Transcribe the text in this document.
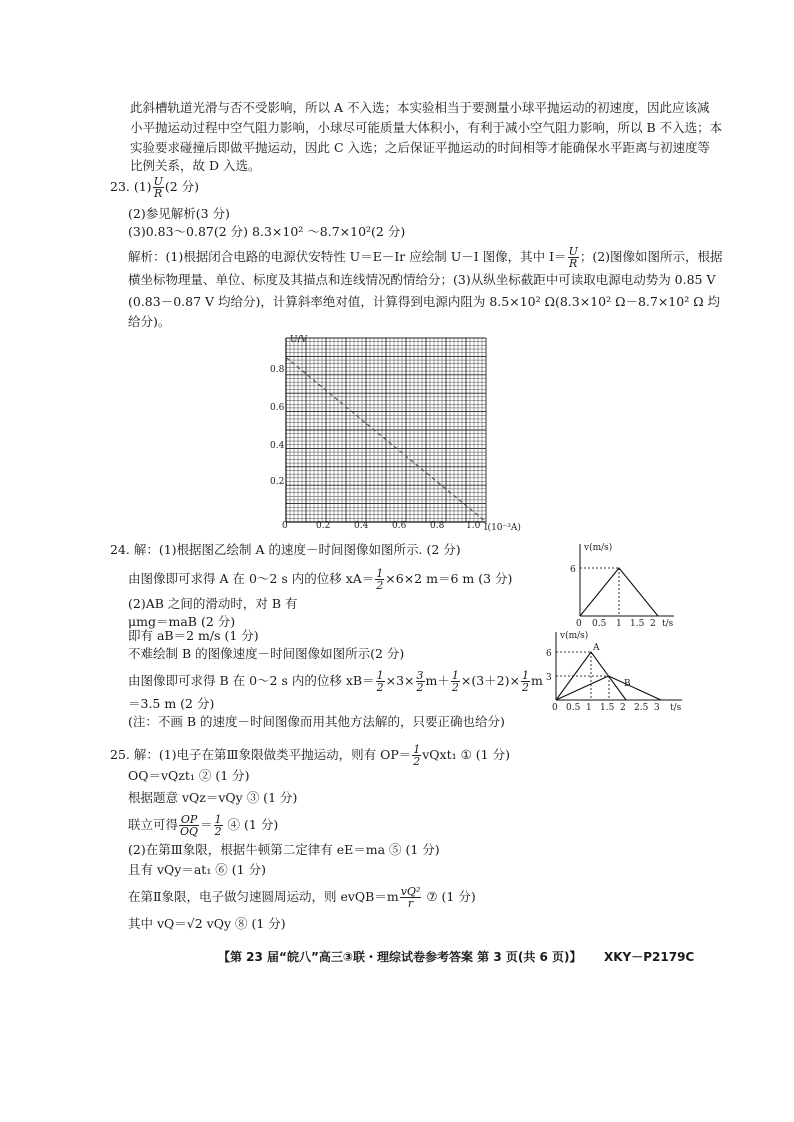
此斜槽轨道光滑与否不受影响，所以 A 不入选；本实验相当于要测量小球平抛运动的初速度，因此应该减
小平抛运动过程中空气阻力影响，小球尽可能质量大体积小，有利于减小空气阻力影响，所以 B 不入选；本
实验要求碰撞后即做平抛运动，因此 C 入选；之后保证平抛运动的时间相等才能确保水平距离与初速度等
比例关系，故 D 入选。
23. $(1) \frac{U}{R} (2$ 分)
(2)参见解析(3 分)
(3)0.83～0.87(2 分) 8.3×10² ～8.7×10²(2 分)
解析：(1)根据闭合电路的电源伏安特性 U＝E－Ir 应绘制 U－I 图像，其中 $I= \frac{U}{R}$ ；(2)图像如图所示，根据
横坐标物理量、单位、标度及其描点和连线情况酌情给分；(3)从纵坐标截距中可读取电源电动势为 0.85 V
(0.83－0.87 V 均给分)，计算斜率绝对值，计算得到电源内阻为 8.5×10² Ω(8.3×10² Ω－8.7×10² Ω 均
给分)。
U/V
I(10⁻³A)
0.8
0.6
0.4
0.2
0	0.2	0.4	0.6	0.8 1.0
24. 解：(1)根据图乙绘制 A 的速度－时间图像如图所示. (2 分)
由图像即可求得 A 在 0～2 s 内的位移 $xA= \frac{1}{2} \times 6\times 2$ m＝6 m (3 分)
(2)AB 之间的滑动时，对 B 有
μmg＝maB (2 分)
即有 aB＝2 m/s (1 分)
不难绘制 B 的图像速度－时间图像如图所示(2 分)
由图像即可求得 B 在 0～2 s 内的位移 $xB= \frac{1}{2} \times 3\times \frac{3}{2} m+ \frac{1}{2} \times(3+2)\times \frac{1}{2}$ m
＝3.5 m (2 分)
(注：不画 B 的速度－时间图像而用其他方法解的，只要正确也给分)
v(m/s)
t/s
6
0 0.5 1 1.5 2
v(m/s)
t/s
6
3
0 0.5 1 1.5 2 2.5 3
A
B
25. 解：(1)电子在第Ⅲ象限做类平抛运动，则有 $OP= \frac{1}{2}$ vQxt₁ ① (1 分)
OQ＝vQzt₁ ② (1 分)
根据题意 vQz＝vQy ③ (1 分)
联立可得 $\frac{OP}{OQ} = \frac{1}{2}$ ④ (1 分)
(2)在第Ⅲ象限，根据牛顿第二定律有 eE＝ma ⑤ (1 分)
且有 vQy＝at₁ ⑥ (1 分)
在第Ⅱ象限，电子做匀速圆周运动，则 evQB＝m $\frac{\text{vQ²}}{r}$ ⑦ (1 分)
其中 vQ＝√2 vQy ⑧ (1 分)
【第 23 届“皖八”高三③联・理综试卷参考答案 第 3 页(共 6 页)】 XKY－P2179C
